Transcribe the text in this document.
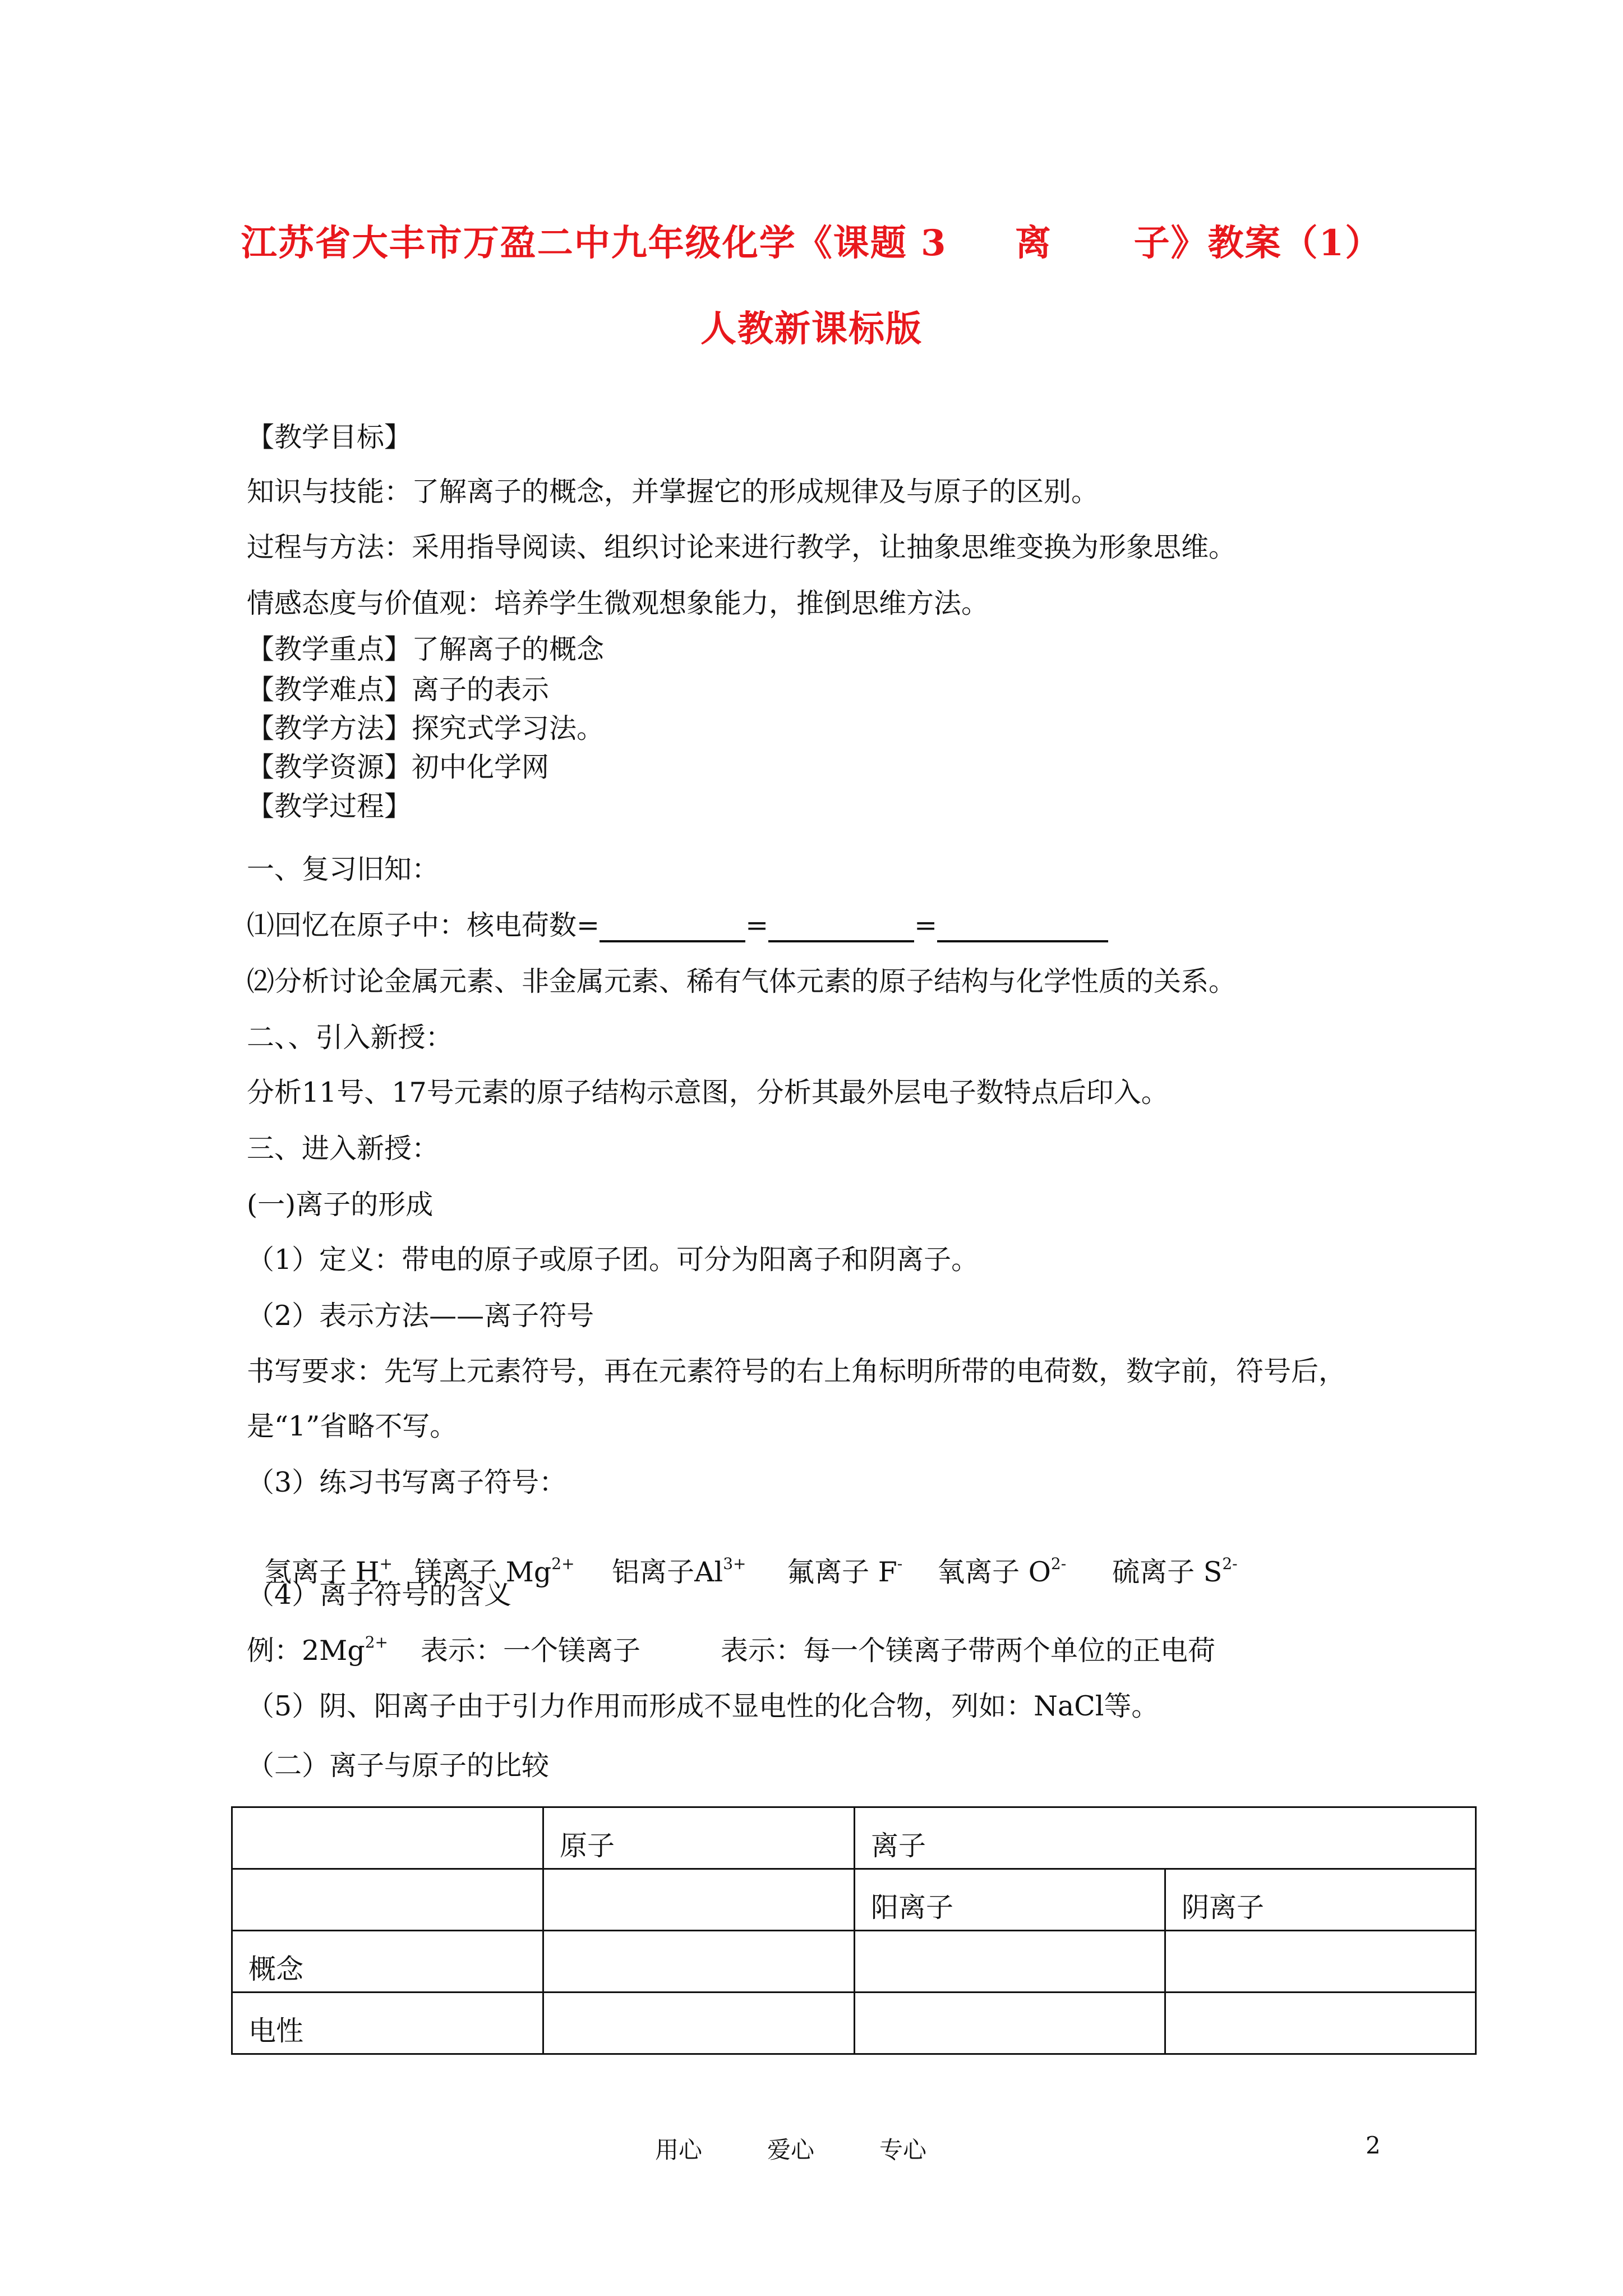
江苏省大丰市万盈二中九年级化学《课题 3     离      子》教案（1）
人教新课标版
【教学目标】
知识与技能：了解离子的概念，并掌握它的形成规律及与原子的区别。
过程与方法：采用指导阅读、组织讨论来进行教学，让抽象思维变换为形象思维。
情感态度与价值观：培养学生微观想象能力，推倒思维方法。
【教学重点】了解离子的概念
【教学难点】离子的表示
【教学方法】探究式学习法。
【教学资源】初中化学网
【教学过程】
一、复习旧知：
⑴回忆在原子中：核电荷数=	=	=
⑵分析讨论金属元素、非金属元素、稀有气体元素的原子结构与化学性质的关系。
二、、引入新授：
分析11号、17号元素的原子结构示意图，分析其最外层电子数特点后印入。
三、进入新授：
(一)离子的形成
（1）定义：带电的原子或原子团。可分为阳离子和阴离子。
（2）表示方法——离子符号
书写要求：先写上元素符号，再在元素符号的右上角标明所带的电荷数，数字前，符号后，
是“1”省略不写。
（3）练习书写离子符号：

氢离子 H+ 镁离子 $Mg^{2+}$ 铝离子$Al^{3+}$ 氟离子 F- 氧离子 $O^{2-}$ 硫离子 $S^{2-}$

（4）离子符号的含义
例：$2Mg^{2+}$ 表示：一个镁离子	表示：每一个镁离子带两个单位的正电荷
（5）阴、阳离子由于引力作用而形成不显电性的化合物，列如：NaCl等。
（二）离子与原子的比较
	原子	离子	
		阳离子	阴离子
概念			
电性			
用心	爱心	专心	2
